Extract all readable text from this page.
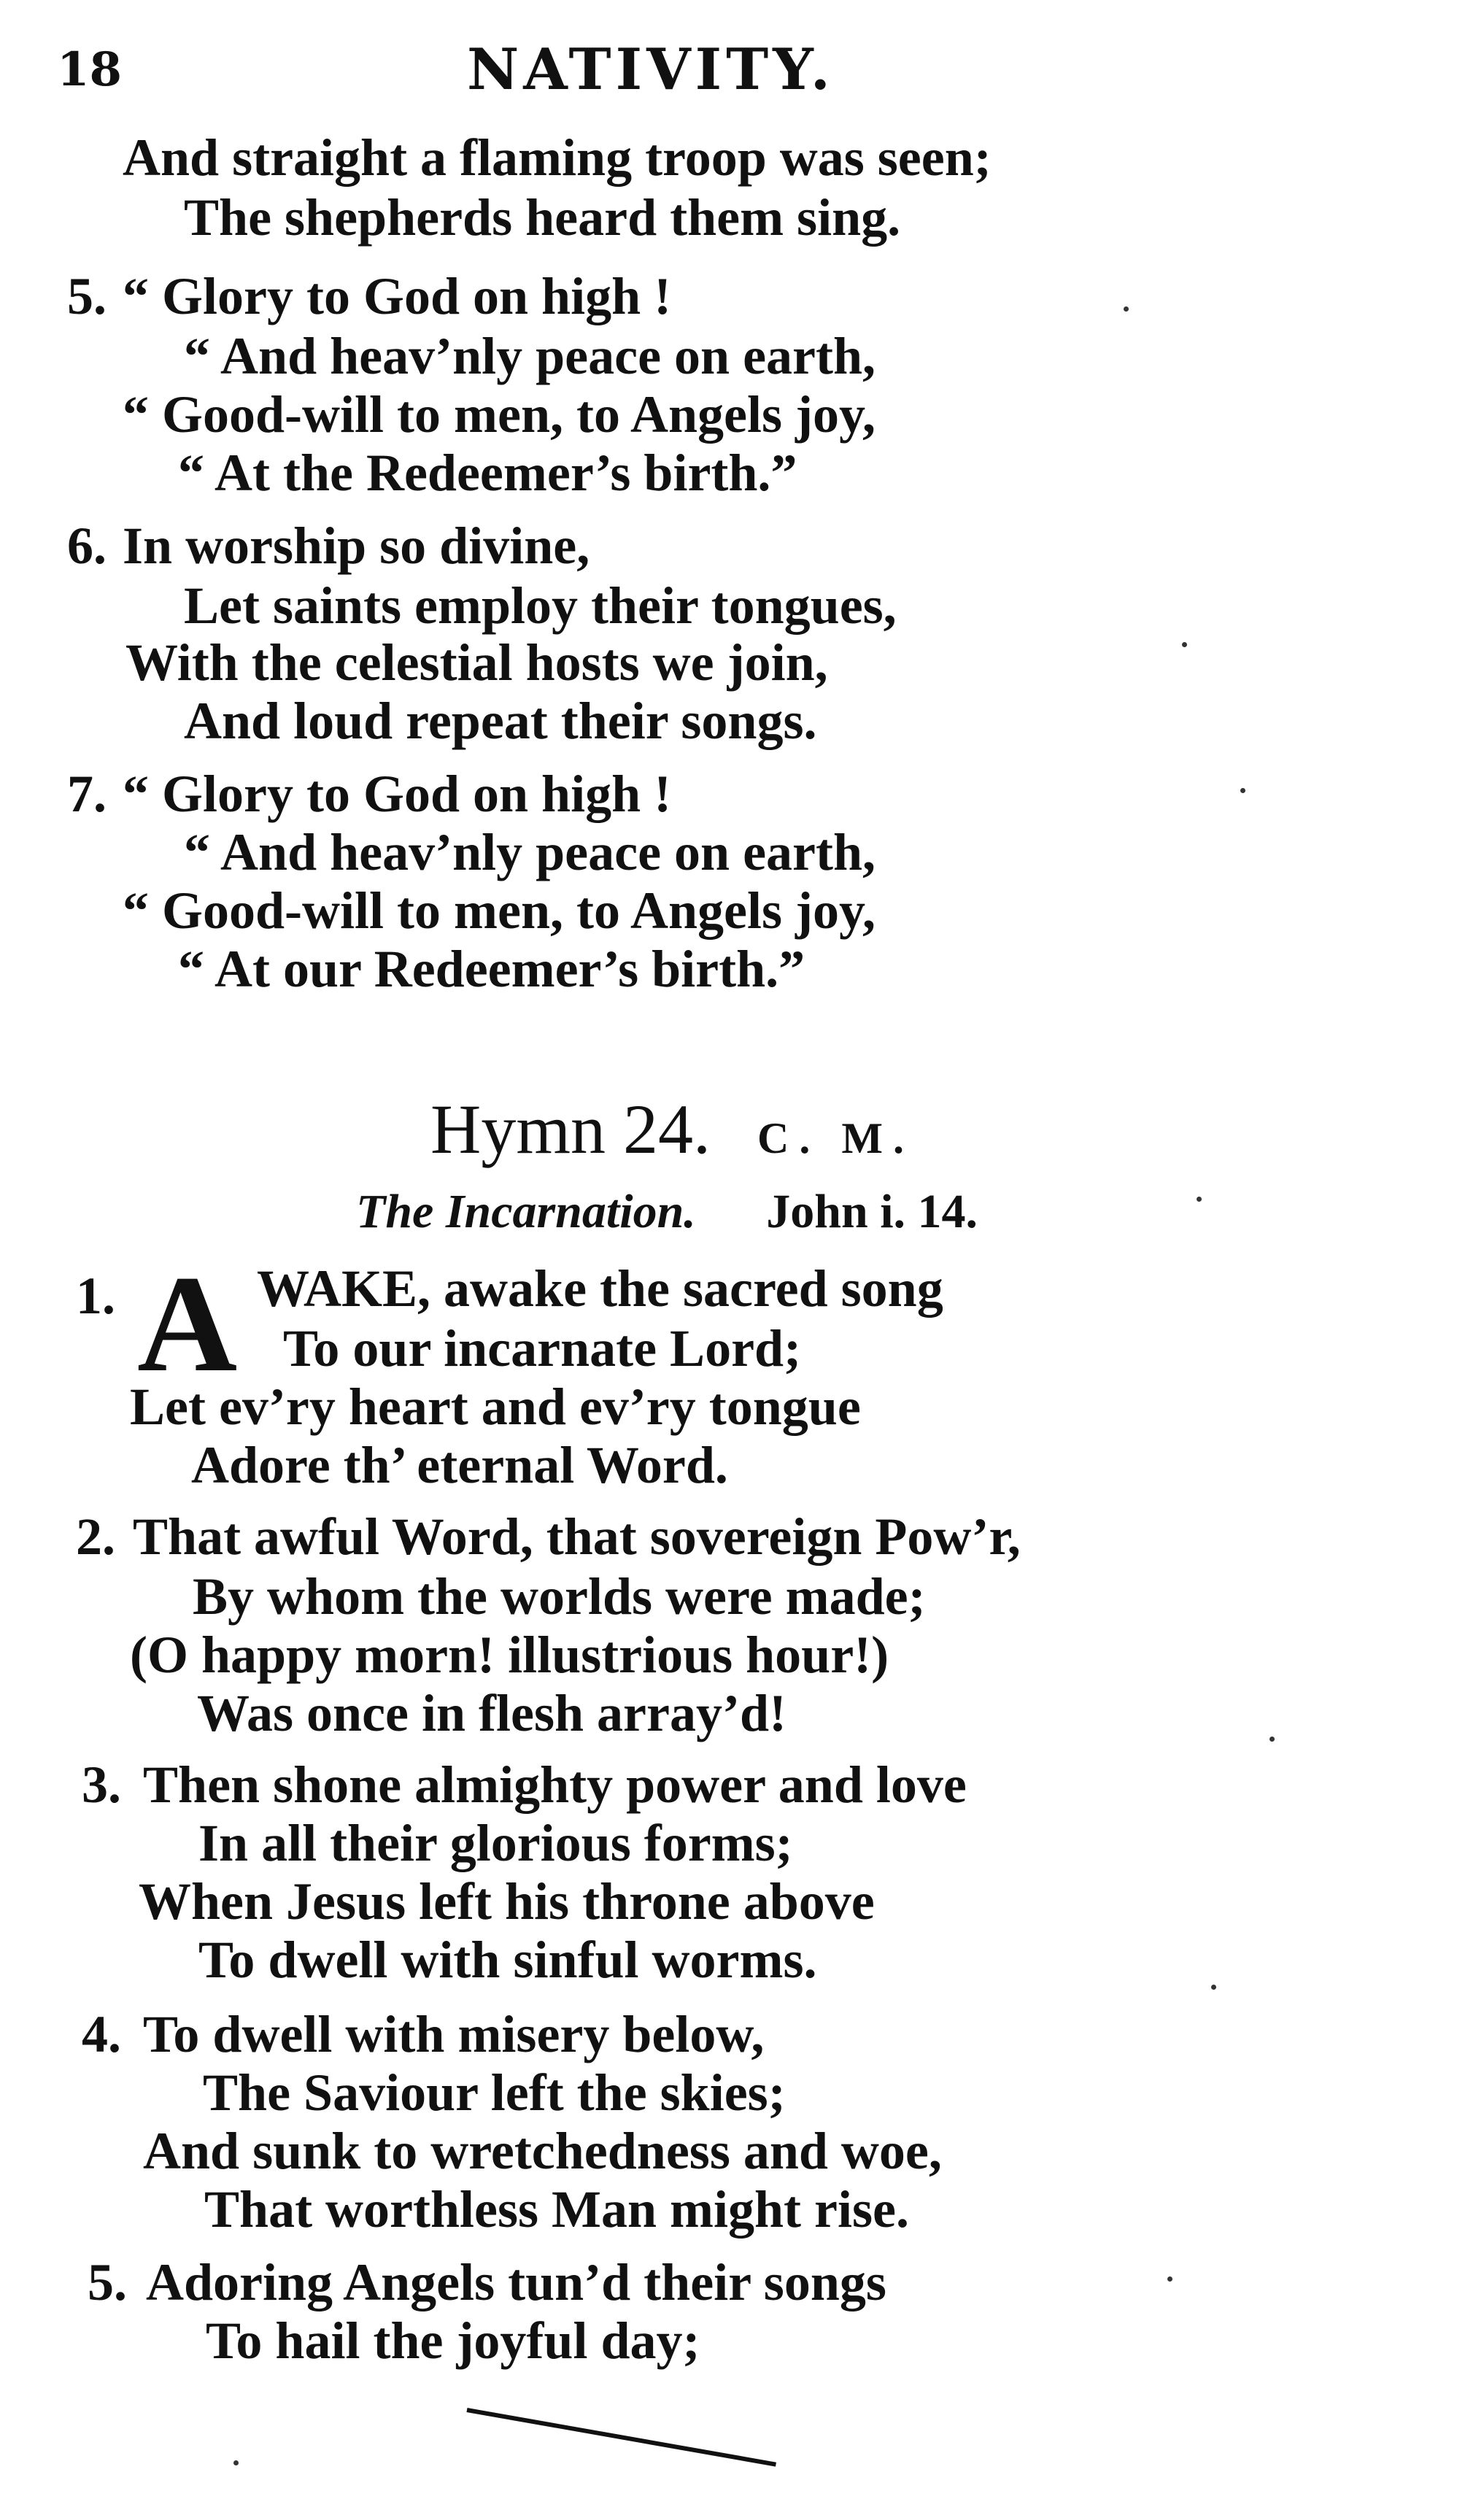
18	NATIVITY.
And straight a flaming troop was seen;
The shepherds heard them sing.
5. “ Glory to God on high !
“ And heav’nly peace on earth,
“ Good-will to men, to Angels joy,
“ At the Redeemer’s birth.”
6. In worship so divine,
Let saints employ their tongues,
With the celestial hosts we join,
And loud repeat their songs.
7. “ Glory to God on high !
“ And heav’nly peace on earth,
“ Good-will to men, to Angels joy,
“ At our Redeemer’s birth.”
Hymn 24. C. M.
The Incarnation. John i. 14.
1. A WAKE, awake the sacred song
To our incarnate Lord;
Let ev’ry heart and ev’ry tongue
Adore th’ eternal Word.
2. That awful Word, that sovereign Pow’r,
By whom the worlds were made;
(O happy morn! illustrious hour!)
Was once in flesh array’d!
3. Then shone almighty power and love
In all their glorious forms;
When Jesus left his throne above
To dwell with sinful worms.
4. To dwell with misery below,
The Saviour left the skies;
And sunk to wretchedness and woe,
That worthless Man might rise.
5. Adoring Angels tun’d their songs
To hail the joyful day;
